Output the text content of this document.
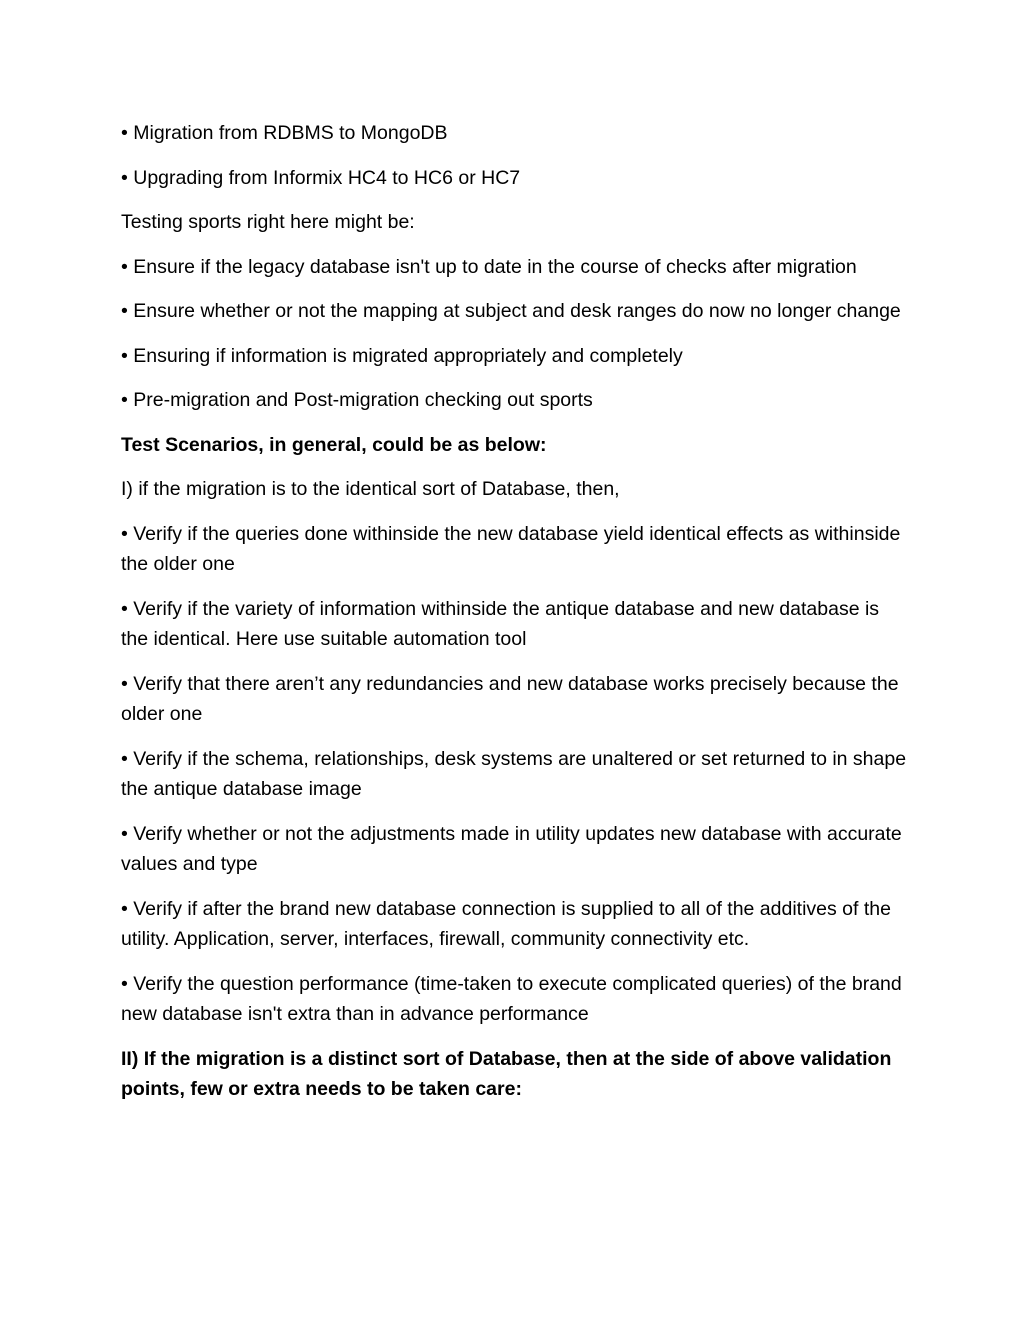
• Migration from RDBMS to MongoDB

• Upgrading from Informix HC4 to HC6 or HC7

Testing sports right here might be:

• Ensure if the legacy database isn't up to date in the course of checks after migration

• Ensure whether or not the mapping at subject and desk ranges do now no longer change

• Ensuring if information is migrated appropriately and completely

• Pre-migration and Post-migration checking out sports

Test Scenarios, in general, could be as below:

I) if the migration is to the identical sort of Database, then,

• Verify if the queries done withinside the new database yield identical effects as withinside the older one

• Verify if the variety of information withinside the antique database and new database is the identical. Here use suitable automation tool

• Verify that there aren’t any redundancies and new database works precisely because the older one

• Verify if the schema, relationships, desk systems are unaltered or set returned to in shape the antique database image

• Verify whether or not the adjustments made in utility updates new database with accurate values and type

• Verify if after the brand new database connection is supplied to all of the additives of the utility. Application, server, interfaces, firewall, community connectivity etc.

• Verify the question performance (time-taken to execute complicated queries) of the brand new database isn't extra than in advance performance

II) If the migration is a distinct sort of Database, then at the side of above validation points, few or extra needs to be taken care:
